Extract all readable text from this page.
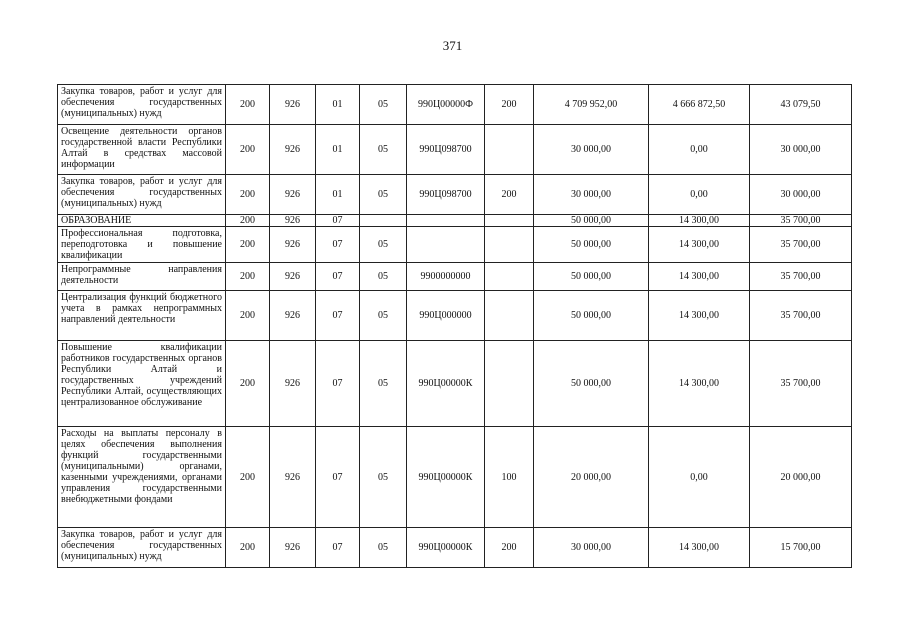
371
Закупка товаров, работ и услуг для обеспечения государственных (муниципальных) нужд	200	926	01	05	990Ц00000Ф	200	4 709 952,00	4 666 872,50	43 079,50
Освещение деятельности органов государственной власти Республики Алтай в средствах массовой информации	200	926	01	05	990Ц098700		30 000,00	0,00	30 000,00
Закупка товаров, работ и услуг для обеспечения государственных (муниципальных) нужд	200	926	01	05	990Ц098700	200	30 000,00	0,00	30 000,00
ОБРАЗОВАНИЕ	200	926	07				50 000,00	14 300,00	35 700,00
Профессиональная подготовка, переподготовка и повышение квалификации	200	926	07	05			50 000,00	14 300,00	35 700,00
Непрограммные направления деятельности	200	926	07	05	9900000000		50 000,00	14 300,00	35 700,00
Централизация функций бюджетного учета в рамках непрограммных направлений деятельности	200	926	07	05	990Ц000000		50 000,00	14 300,00	35 700,00
Повышение квалификации работников государственных органов Республики Алтай и государственных учреждений Республики Алтай, осуществляющих централизованное обслуживание	200	926	07	05	990Ц00000К		50 000,00	14 300,00	35 700,00
Расходы на выплаты персоналу в целях обеспечения выполнения функций государственными (муниципальными) органами, казенными учреждениями, органами управления государственными внебюджетными фондами	200	926	07	05	990Ц00000К	100	20 000,00	0,00	20 000,00
Закупка товаров, работ и услуг для обеспечения государственных (муниципальных) нужд	200	926	07	05	990Ц00000К	200	30 000,00	14 300,00	15 700,00
